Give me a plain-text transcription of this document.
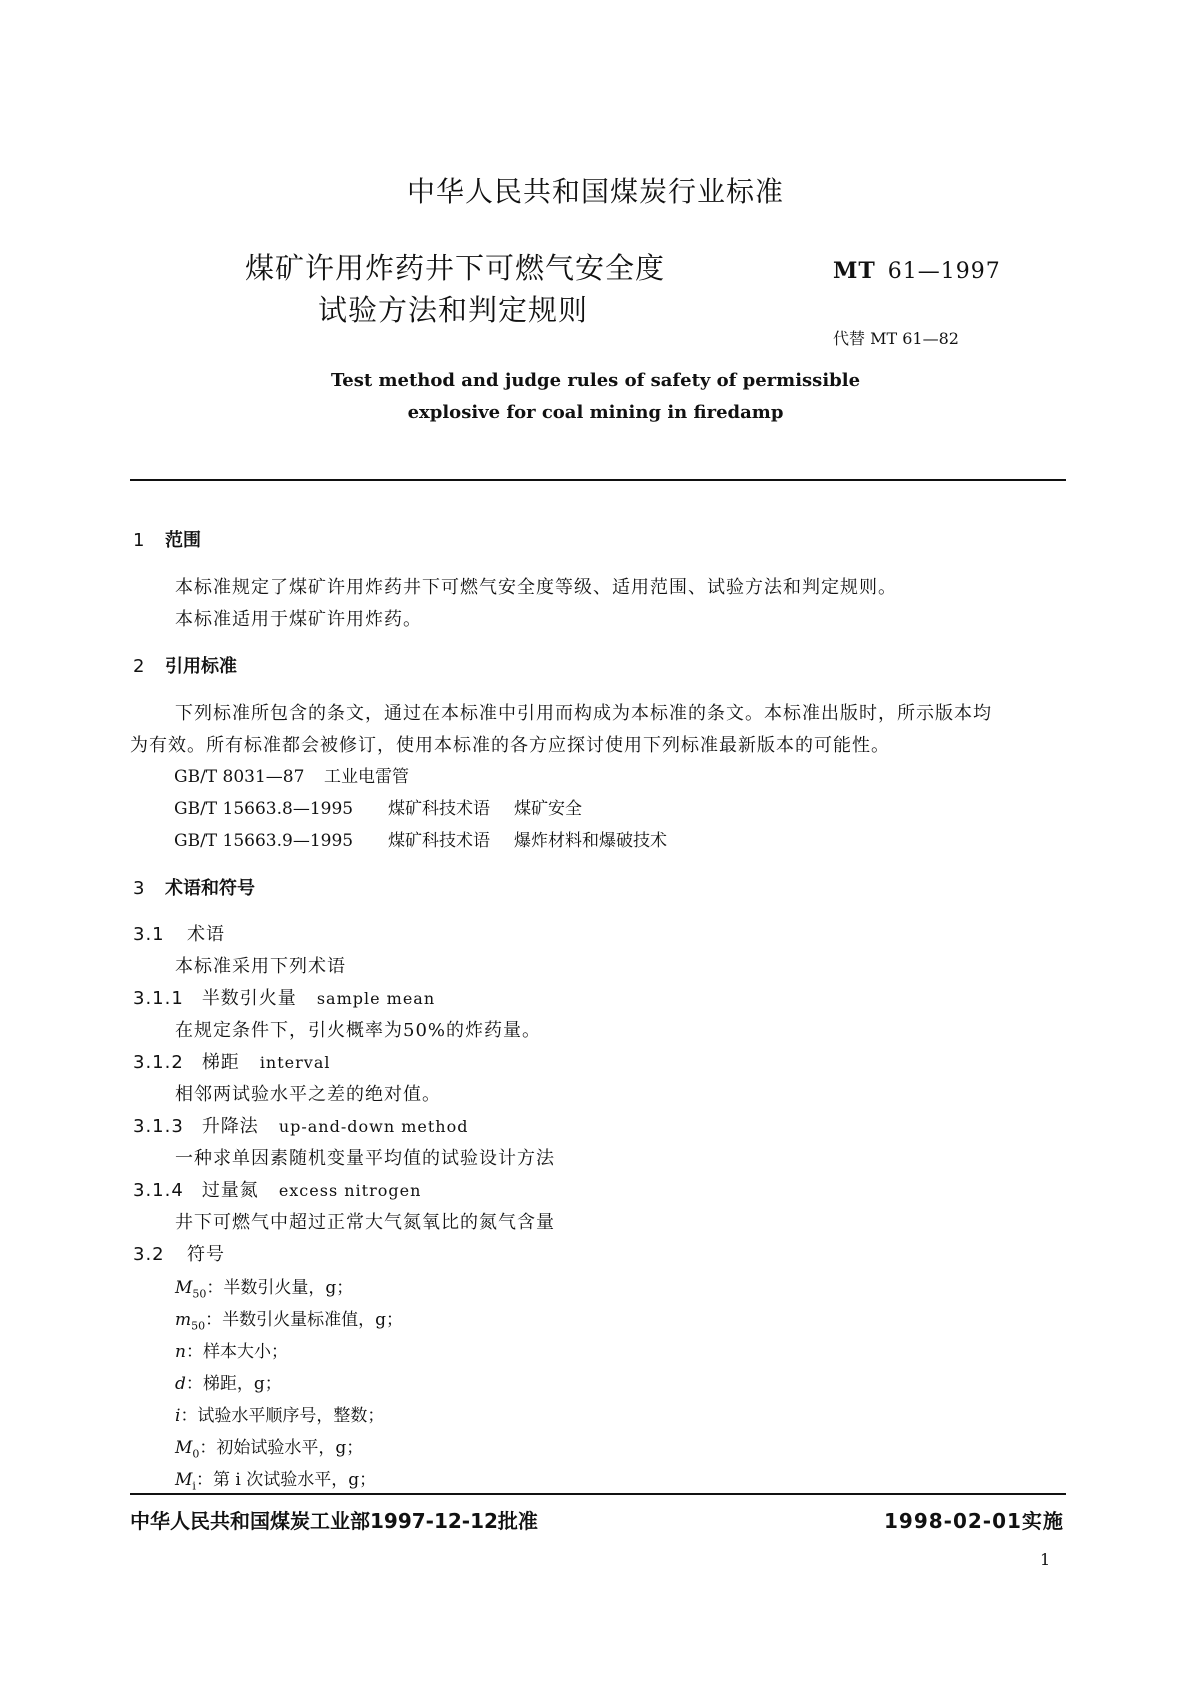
中华人民共和国煤炭行业标准
煤矿许用炸药井下可燃气安全度
试验方法和判定规则
MT 61—1997
代替 MT 61—82
Test method and judge rules of safety of permissible
explosive for coal mining in firedamp
1 范围
本标准规定了煤矿许用炸药井下可燃气安全度等级、适用范围、试验方法和判定规则。
本标准适用于煤矿许用炸药。
2 引用标准
下列标准所包含的条文，通过在本标准中引用而构成为本标准的条文。本标准出版时，所示版本均
为有效。所有标准都会被修订，使用本标准的各方应探讨使用下列标准最新版本的可能性。
GB/T 8031—87 工业电雷管
GB/T 15663.8—1995 煤矿科技术语 煤矿安全
GB/T 15663.9—1995 煤矿科技术语 爆炸材料和爆破技术
3 术语和符号
3.1 术语
本标准采用下列术语
3.1.1 半数引火量 sample mean
在规定条件下，引火概率为50%的炸药量。
3.1.2 梯距 interval
相邻两试验水平之差的绝对值。
3.1.3 升降法 up-and-down method
一种求单因素随机变量平均值的试验设计方法
3.1.4 过量氮 excess nitrogen
井下可燃气中超过正常大气氮氧比的氮气含量
3.2 符号
$M_{50}$：半数引火量，g；
$m_{50}$：半数引火量标准值，g；
n：样本大小；
d：梯距，g；
i：试验水平顺序号，整数；
$M_0$：初始试验水平，g；
$M_i$：第 i 次试验水平，g；
中华人民共和国煤炭工业部1997-12-12批准	1998-02-01实施
1
